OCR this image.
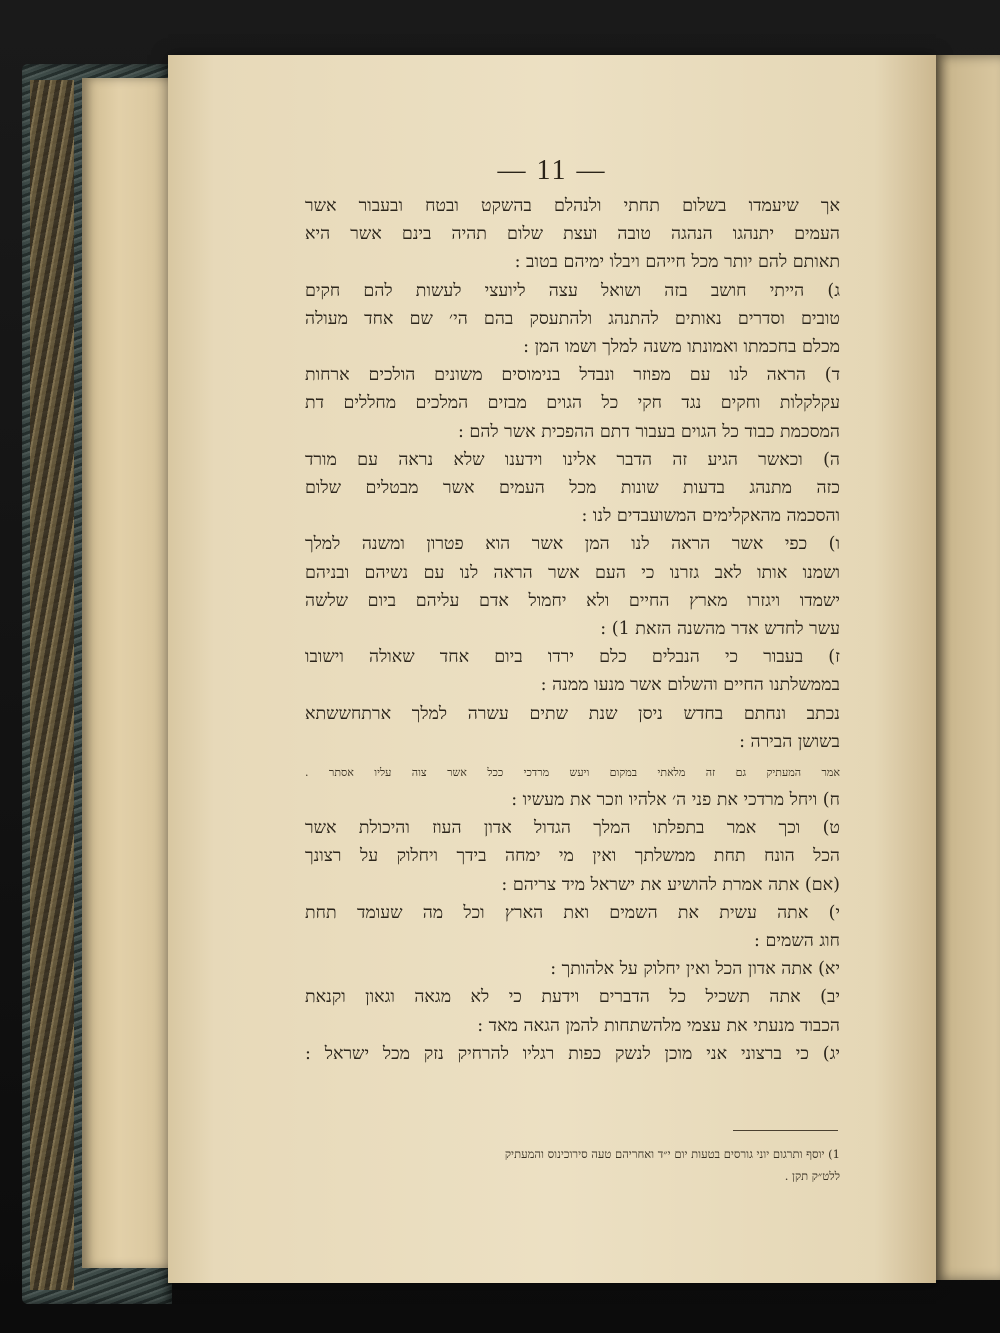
— 11 —
אך שיעמדו בשלום תחתי ולנהלם בהשקט ובטח ובעבור אשר
העמים יתנהגו הנהגה טובה ועצת שלום תהיה בינם אשר היא
תאותם להם יותר מכל חייהם ויבלו ימיהם בטוב :
ג) הייתי חושב בזה ושואל עצה ליועצי לעשות להם חקים
טובים וסדרים נאותים להתנהג ולהתעסק בהם הי׳ שם אחד מעולה
מכלם בחכמתו ואמונתו משנה למלך ושמו המן :
ד) הראה לנו עם מפוזר ונבדל בנימוסים משונים הולכים ארחות
עקלקלות וחקים נגד חקי כל הגוים מבזים המלכים מחללים דת
המסכמת כבוד כל הגוים בעבור דתם ההפכית אשר להם :
ה) וכאשר הגיע זה הדבר אלינו וידענו שלא נראה עם מורד
כזה מתנהג בדעות שונות מכל העמים אשר מבטלים שלום
והסכמה מהאקלימים המשועבדים לנו :
ו) כפי אשר הראה לנו המן אשר הוא פטרון ומשנה למלך
ושמנו אותו לאב גזרנו כי העם אשר הראה לנו עם נשיהם ובניהם
ישמדו ויגזרו מארץ החיים ולא יחמול אדם עליהם ביום שלשה
עשר לחדש אדר מהשנה הזאת 1) :
ז) בעבור כי הנבלים כלם ירדו ביום אחד שאולה וישובו
בממשלתנו החיים והשלום אשר מנעו ממנה :
נכתב ונחתם בחדש ניסן שנת שתים עשרה למלך ארתחששתא
בשושן הבירה :
אמר המעתיק גם זה מלאתי במקום ויעש מרדכי ככל אשר צוה עליו אסתר .
ח) ויחל מרדכי את פני ה׳ אלהיו וזכר את מעשיו :
ט) וכך אמר בתפלתו המלך הגדול אדון העוז והיכולת אשר
הכל הונח תחת ממשלתך ואין מי ימחה בידך ויחלוק על רצונך
(אם) אתה אמרת להושיע את ישראל מיד צריהם :
י) אתה עשית את השמים ואת הארץ וכל מה שעומד תחת
חוג השמים :
יא) אתה אדון הכל ואין יחלוק על אלהותך :
יב) אתה תשכיל כל הדברים וידעת כי לא מגאה וגאון וקנאת
הכבוד מנעתי את עצמי מלהשתחות להמן הגאה מאד :
יג) כי ברצוני אני מוכן לנשק כפות רגליו להרחיק נזק מכל ישראל :
1) יוסף ותרגום יוני גורסים בטעות יום י״ד ואחריהם טעה סירוכינוס והמעתיק
ללט״ק תקן .
